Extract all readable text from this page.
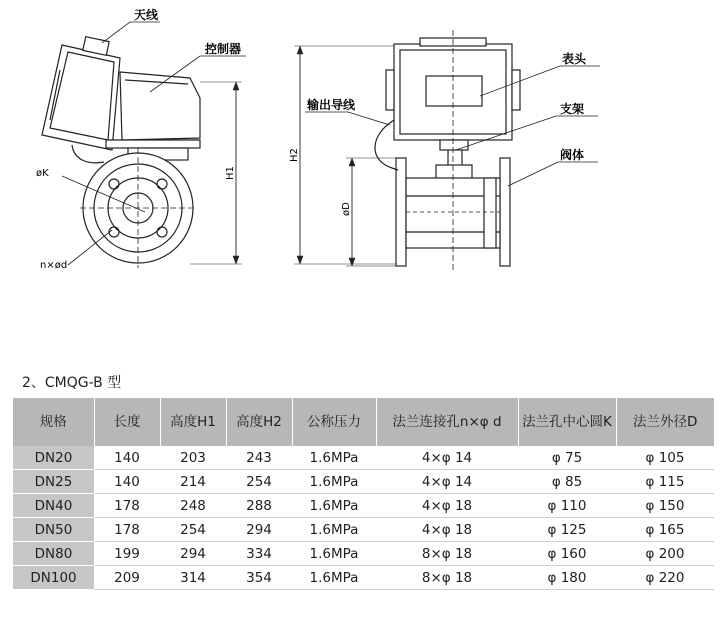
天线
控制器
输出导线
表头
支架
阀体
øK
n×ød
H1
H2
øD
2、CMQG-B 型
规格	长度	高度H1	高度H2	公称压力	法兰连接孔n×φ d	法兰孔中心圆K	法兰外径D
DN20	140	203	243	1.6MPa	4×φ 14	φ 75	φ 105
DN25	140	214	254	1.6MPa	4×φ 14	φ 85	φ 115
DN40	178	248	288	1.6MPa	4×φ 18	φ 110	φ 150
DN50	178	254	294	1.6MPa	4×φ 18	φ 125	φ 165
DN80	199	294	334	1.6MPa	8×φ 18	φ 160	φ 200
DN100	209	314	354	1.6MPa	8×φ 18	φ 180	φ 220
